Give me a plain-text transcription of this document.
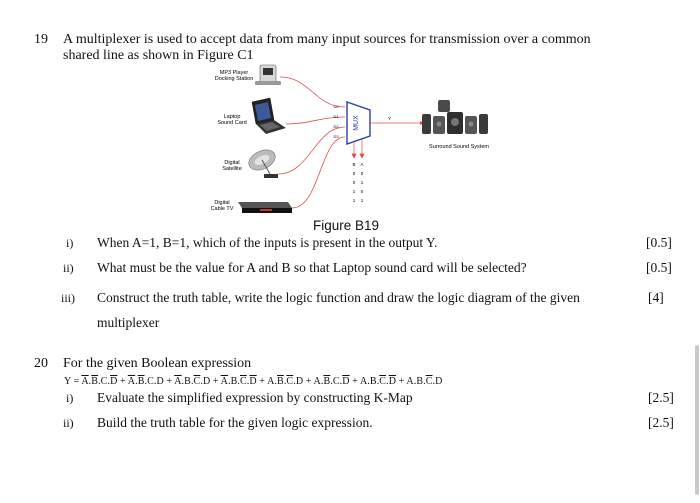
19 A multiplexer is used to accept data from many input sources for transmission over a common
shared line as shown in Figure C1
MP3 Player
Docking Station
Laptop
Sound Card
Digital
Satellite
Digital
Cable TV
D0
D1
D2
D3
MUX
B A
0 0
0 1
1 0
1 1
Y
Surround Sound System
Figure B19
i) When A=1, B=1, which of the inputs is present in the output Y.	[0.5]
ii) What must be the value for A and B so that Laptop sound card will be selected?	[0.5]
iii) Construct the truth table, write the logic function and draw the logic diagram of the given
multiplexer
[4]
20 For the given Boolean expression
$Y = \overline{A}.\overline{B}.C.\overline{D} + \overline{A}.\overline{B}.C.D + \overline{A}.B.\overline{C}.D + \overline{A}.B.\overline{C}.\overline{D} + A.\overline{B}.\overline{C}.D + A.\overline{B}.C.\overline{D} + A.B.\overline{C}.\overline{D} + A.B.\overline{C}.D$
i) Evaluate the simplified expression by constructing K-Map	[2.5]
ii) Build the truth table for the given logic expression.	[2.5]
